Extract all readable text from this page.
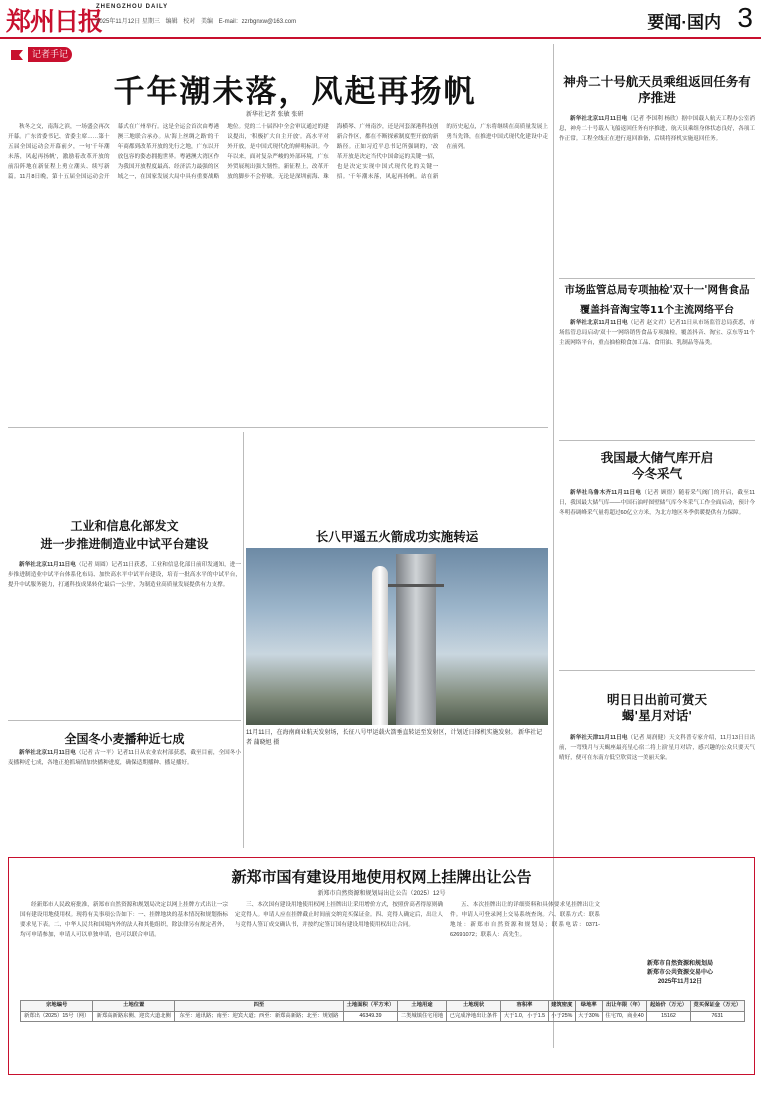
郑州日报
ZHENGZHOU DAILY
2025年11月12日 星期三 编辑 校对 美编 E-mail：zzrbgnxw@163.com	要闻·国内 3
记者手记
千年潮未落，风起再扬帆
新华社记者 张敏 张研

秋冬之交，南海之滨，一场盛会再次开幕。广东省委书记、省委主席……第十五届全国运动会开幕前夕，一句'千年潮未落，风起再扬帆'，激励着改革开放的前沿阵地在新征程上勇立潮头、续写新篇。11月8日晚，第十五届全国运动会开幕式在广州举行。这是全运会首次由粤港澳三地联合承办。从'海上丝绸之路'的千年商都到改革开放的先行之地，广东以开放包容的姿态拥抱世界。粤港澳大湾区作为我国开放程度最高、经济活力最强的区域之一，在国家发展大局中具有重要战略地位。党的二十届四中全会审议通过的建议提出，'积极扩大自主开放'。高水平对外开放，是中国式现代化的鲜明标识。今年以来，面对复杂严峻的外部环境，广东外贸展现出强大韧性。新征程上，改革开放的脚步不会停歇。无论是深圳前海、珠海横琴、广州南沙，还是河套深港科技创新合作区，都在不断探索制度型开放的新路径。正如习近平总书记所强调的，'改革开放是决定当代中国命运的关键一招，也是决定实现中国式现代化的关键一招。'千年潮未落，风起再扬帆。站在新的历史起点，广东将继续在高质量发展上勇当先锋，在推进中国式现代化建设中走在前列。

神舟二十号航天员乘组返回任务有序推进
新华社北京11月11日电（记者 李国利 杨欣）据中国载人航天工程办公室消息，神舟二十号载人飞船返回任务有序推进，航天员乘组身体状态良好，各项工作正常。工程全线正在进行返回准备，后续将择机实施返回任务。
市场监管总局专项抽检'双十一'网售食品
覆盖抖音淘宝等11个主流网络平台
新华社北京11月11日电（记者 赵文君）记者11日从市场监管总局获悉，市场监管总局启动'双十一'网络销售食品专项抽检，覆盖抖音、淘宝、京东等11个主流网络平台，重点抽检粮食加工品、食用油、乳制品等品类。
我国最大储气库开启今冬采气
新华社乌鲁木齐11月11日电（记者 顾煜）随着采气阀门的开启，截至11日，我国最大储气库——中国石油呼图壁储气库今冬采气工作全面启动，预计今冬明春调峰采气量将超过60亿立方米，为北方地区冬季供暖提供有力保障。
明日日出前可赏天蝎'星月对话'
新华社天津11月11日电（记者 周润健）天文科普专家介绍，11月13日日出前，一弯残月与天蝎座最亮星心宿二将上演'星月对话'，感兴趣的公众只要天气晴好，便可在东南方低空欣赏这一美丽天象。
工业和信息化部发文
进一步推进制造业中试平台建设
新华社北京11月11日电（记者 周圆）记者11日获悉，工业和信息化部日前印发通知，进一步推进制造业中试平台体系化布局、加快高水平中试平台建设，培育一批高水平的中试平台，提升中试服务能力，打通科技成果转化'最后一公里'，为制造业高质量发展提供有力支撑。
全国冬小麦播种近七成
新华社北京11月11日电（记者 古一平）记者11日从农业农村部获悉，截至目前，全国冬小麦播种近七成，各地正抢抓墒情加快播种进度，确保适期播种、播足播好。
长八甲遥五火箭成功实施转运
11月11日，在海南商业航天发射场，长征八号甲运载火箭垂直转运至发射区，计划近日择机实施发射。 新华社记者 蒲晓旭 摄
新郑市国有建设用地使用权网上挂牌出让公告
新郑市自然资源和规划局出让公告（2025）12号
经新郑市人民政府批准，新郑市自然资源和规划局决定以网上挂牌方式出让一宗国有建设用地使用权。现将有关事项公告如下：一、挂牌地块的基本情况和规划指标要求见下表。二、中华人民共和国境内外的法人和其他组织，除法律另有规定者外，均可申请参加，申请人可以单独申请，也可以联合申请。
三、本次国有建设用地使用权网上挂牌出让采用增价方式，按照价高者得原则确定竞得人。申请人应在挂牌截止时间前交纳竞买保证金。四、竞得人确定后，出让人与竞得人签订成交确认书，并按约定签订国有建设用地使用权出让合同。
五、本次挂牌出让的详细资料和具体要求见挂牌出让文件。申请人可登录网上交易系统查询。六、联系方式：联系地址：新郑市自然资源和规划局；联系电话：0371-62691072；联系人：高先生。
新郑市自然资源和规划局
新郑市公共资源交易中心
2025年11月12日
宗地编号	土地位置	四至	土地面积（平方米）	土地用途	土地现状	容积率	建筑密度	绿地率	出让年限（年）	起始价（万元）	竞买保证金（万元）
新郑出（2025）15号（网）	新郑高新路东侧、迎宾大道北侧	东至：通讯路；南至：迎宾大道；西至：新郑高新路；北至：规划路	46349.39	二类城镇住宅用地	已完成净地出让条件	大于1.0，小于1.5	小于25%	大于30%	住宅70，商业40	15162	7631
